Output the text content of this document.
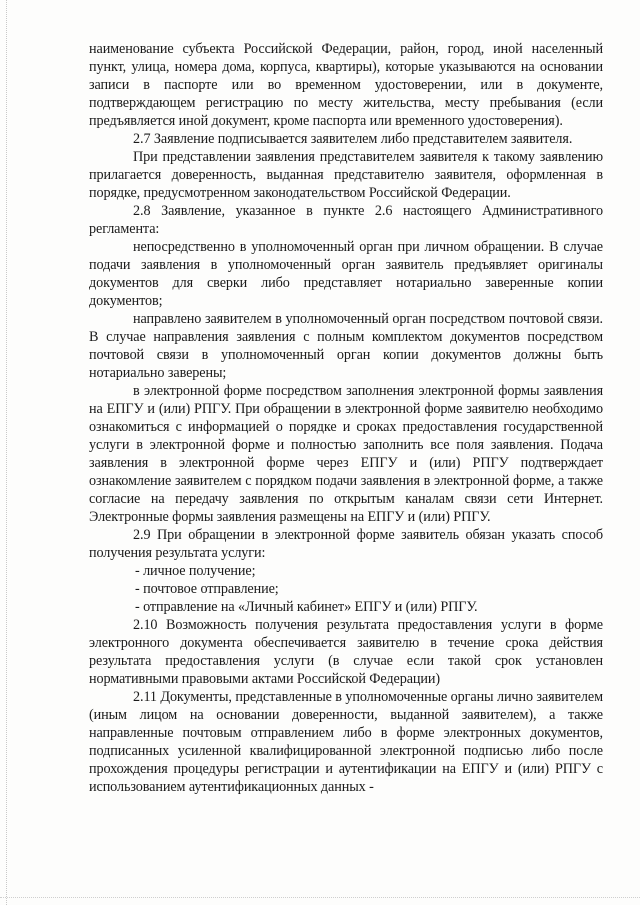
наименование субъекта Российской Федерации, район, город, иной населенный пункт, улица, номера дома, корпуса, квартиры), которые указываются на основании записи в паспорте или во временном удостоверении, или в документе, подтверждающем регистрацию по месту жительства, месту пребывания (если предъявляется иной документ, кроме паспорта или временного удостоверения).

2.7 Заявление подписывается заявителем либо представителем заявителя.

При представлении заявления представителем заявителя к такому заявлению прилагается доверенность, выданная представителю заявителя, оформленная в порядке, предусмотренном законодательством Российской Федерации.

2.8 Заявление, указанное в пункте 2.6 настоящего Административного регламента:

непосредственно в уполномоченный орган при личном обращении. В случае подачи заявления в уполномоченный орган заявитель предъявляет оригиналы документов для сверки либо представляет нотариально заверенные копии документов;

направлено заявителем в уполномоченный орган посредством почтовой связи. В случае направления заявления с полным комплектом документов посредством почтовой связи в уполномоченный орган копии документов должны быть нотариально заверены;

в электронной форме посредством заполнения электронной формы заявления на ЕПГУ и (или) РПГУ. При обращении в электронной форме заявителю необходимо ознакомиться с информацией о порядке и сроках предоставления государственной услуги в электронной форме и полностью заполнить все поля заявления. Подача заявления в электронной форме через ЕПГУ и (или) РПГУ подтверждает ознакомление заявителем с порядком подачи заявления в электронной форме, а также согласие на передачу заявления по открытым каналам связи сети Интернет. Электронные формы заявления размещены на ЕПГУ и (или) РПГУ.

2.9 При обращении в электронной форме заявитель обязан указать способ получения результата услуги:

- личное получение;

- почтовое отправление;

- отправление на «Личный кабинет» ЕПГУ и (или) РПГУ.

2.10 Возможность получения результата предоставления услуги в форме электронного документа обеспечивается заявителю в течение срока действия результата предоставления услуги (в случае если такой срок установлен нормативными правовыми актами Российской Федерации)

2.11 Документы, представленные в уполномоченные органы лично заявителем (иным лицом на основании доверенности, выданной заявителем), а также направленные почтовым отправлением либо в форме электронных документов, подписанных усиленной квалифицированной электронной подписью либо после прохождения процедуры регистрации и аутентификации на ЕПГУ и (или) РПГУ с использованием аутентификационных данных -
